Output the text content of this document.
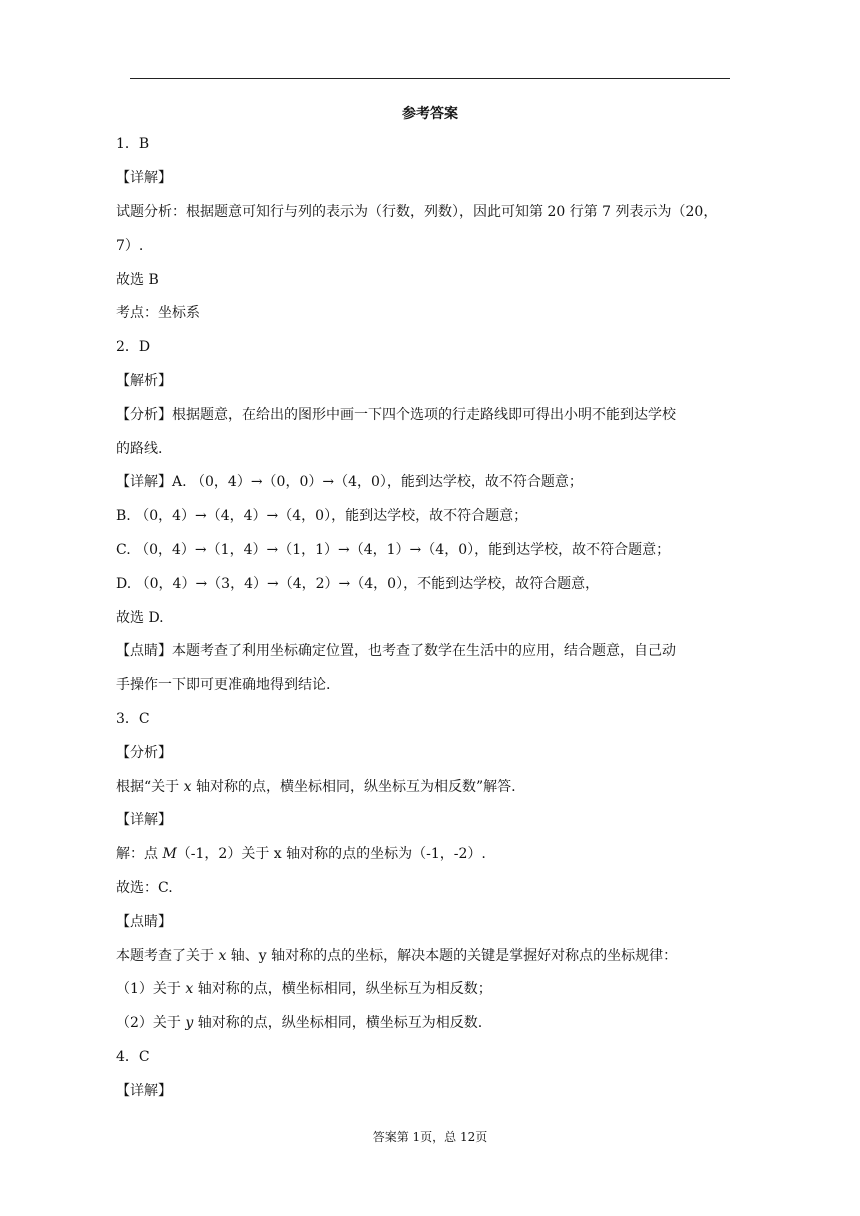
参考答案
1．B
【详解】
试题分析：根据题意可知行与列的表示为（行数，列数），因此可知第 20 行第 7 列表示为（20，
7）.
故选 B
考点：坐标系
2．D
【解析】
【分析】根据题意，在给出的图形中画一下四个选项的行走路线即可得出小明不能到达学校
的路线.
【详解】A. （0，4）→（0，0）→（4，0），能到达学校，故不符合题意；
B. （0，4）→（4，4）→（4，0），能到达学校，故不符合题意；
C. （0，4）→（1，4）→（1，1）→（4，1）→（4，0），能到达学校，故不符合题意；
D. （0，4）→（3，4）→（4，2）→（4，0），不能到达学校，故符合题意，
故选 D.
【点睛】本题考查了利用坐标确定位置，也考查了数学在生活中的应用，结合题意，自己动
手操作一下即可更准确地得到结论.
3．C
【分析】
根据“关于 x 轴对称的点，横坐标相同，纵坐标互为相反数”解答.
【详解】
解：点 M（-1，2）关于 x 轴对称的点的坐标为（-1，-2）.
故选：C.
【点睛】
本题考查了关于 x 轴、y 轴对称的点的坐标，解决本题的关键是掌握好对称点的坐标规律：
（1）关于 x 轴对称的点，横坐标相同，纵坐标互为相反数；
（2）关于 y 轴对称的点，纵坐标相同，横坐标互为相反数.
4．C
【详解】
答案第 1页，总 12页
